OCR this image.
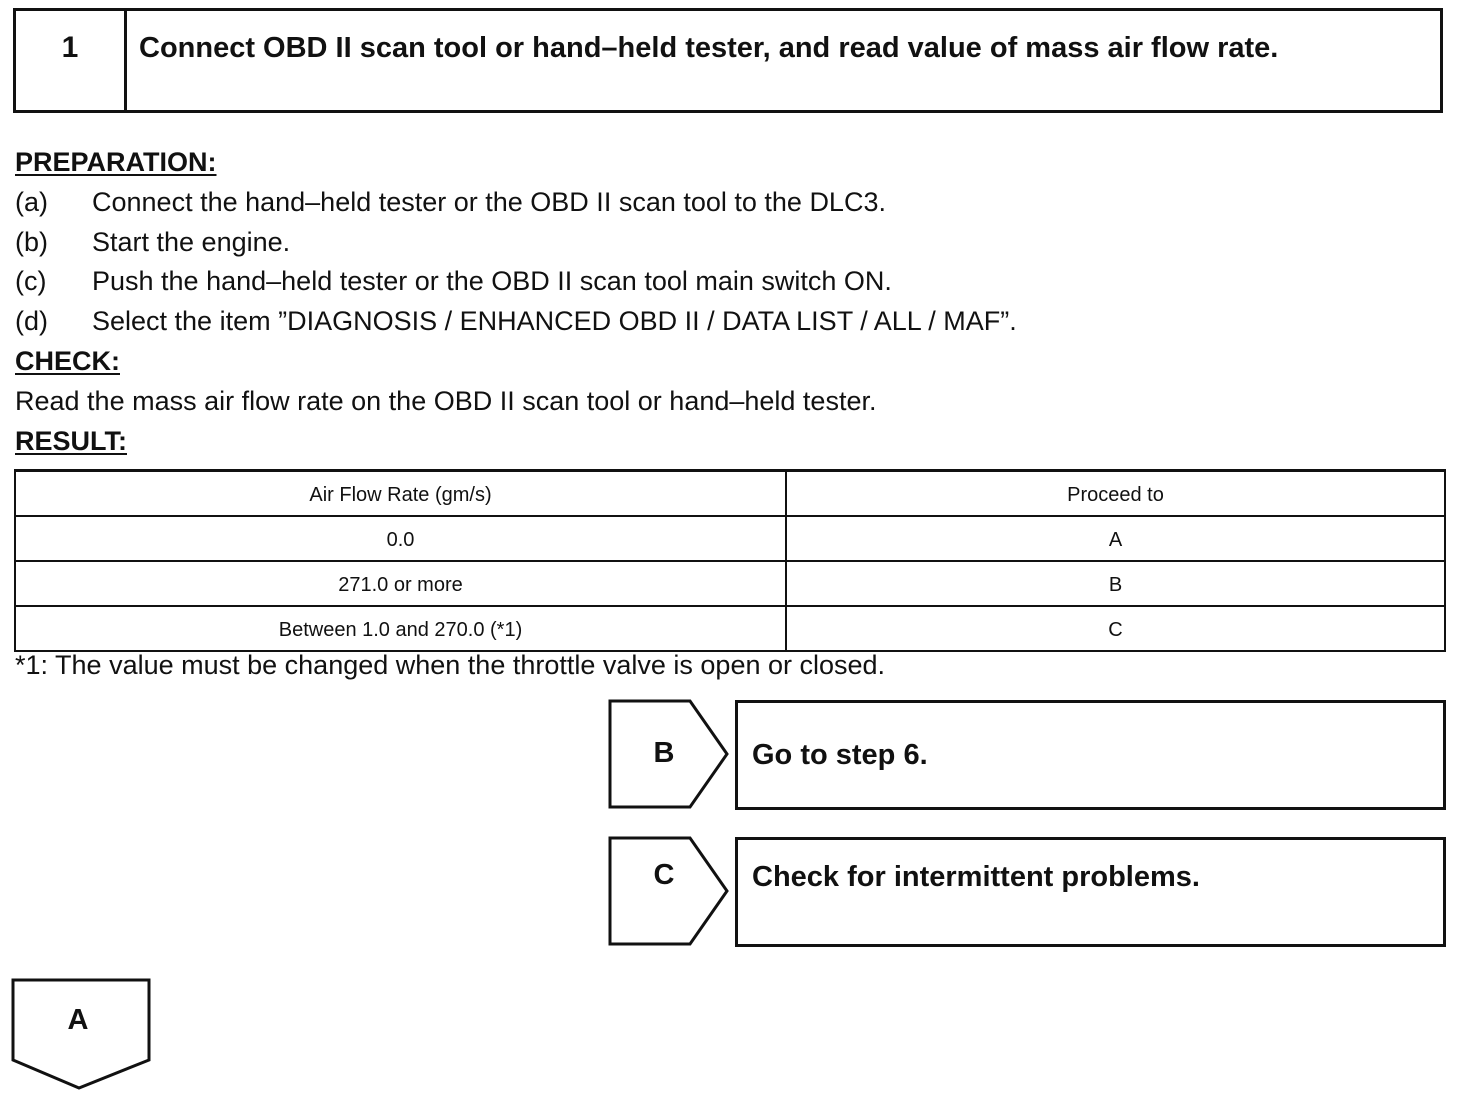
1	Connect OBD II scan tool or hand–held tester, and read value of mass air flow rate.
PREPARATION:
(a) Connect the hand–held tester or the OBD II scan tool to the DLC3.
(b) Start the engine.
(c) Push the hand–held tester or the OBD II scan tool main switch ON.
(d) Select the item ”DIAGNOSIS / ENHANCED OBD II / DATA LIST / ALL / MAF”.
CHECK:
Read the mass air flow rate on the OBD II scan tool or hand–held tester.
RESULT:
Air Flow Rate (gm/s)	Proceed to
0.0	A
271.0 or more	B
Between 1.0 and 270.0 (*1)	C
*1: The value must be changed when the throttle valve is open or closed.
B	Go to step 6.
C	Check for intermittent problems.
A
